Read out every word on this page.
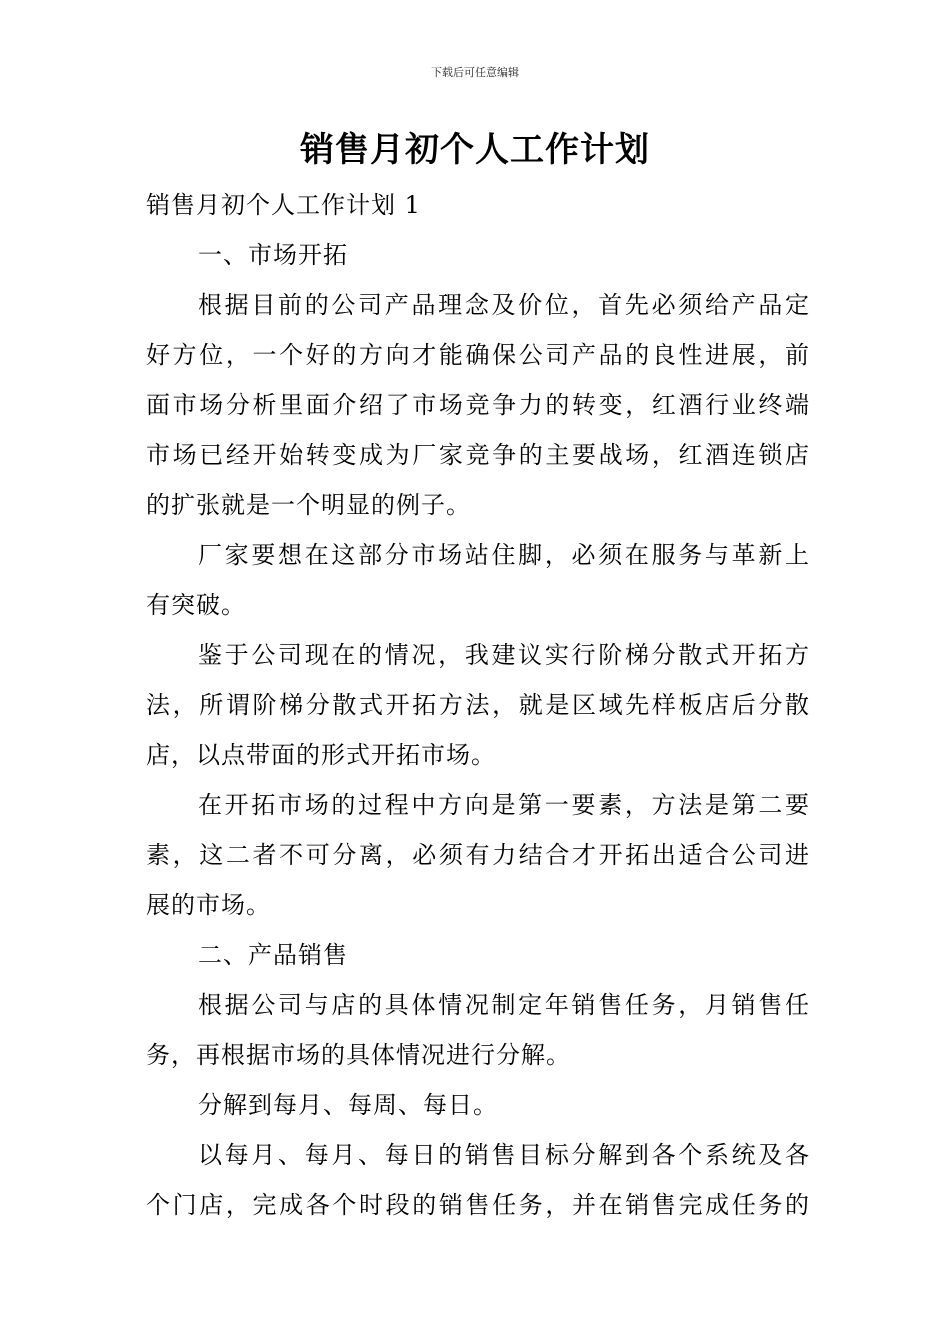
下载后可任意编辑
销售月初个人工作计划
销售月初个人工作计划 1
一、市场开拓
根据目前的公司产品理念及价位，首先必须给产品定
好方位，一个好的方向才能确保公司产品的良性进展，前
面市场分析里面介绍了市场竞争力的转变，红酒行业终端
市场已经开始转变成为厂家竞争的主要战场，红酒连锁店
的扩张就是一个明显的例子。
厂家要想在这部分市场站住脚，必须在服务与革新上
有突破。
鉴于公司现在的情况，我建议实行阶梯分散式开拓方
法，所谓阶梯分散式开拓方法，就是区域先样板店后分散
店，以点带面的形式开拓市场。
在开拓市场的过程中方向是第一要素，方法是第二要
素，这二者不可分离，必须有力结合才开拓出适合公司进
展的市场。
二、产品销售
根据公司与店的具体情况制定年销售任务，月销售任
务，再根据市场的具体情况进行分解。
分解到每月、每周、每日。
以每月、每月、每日的销售目标分解到各个系统及各
个门店，完成各个时段的销售任务，并在销售完成任务的
